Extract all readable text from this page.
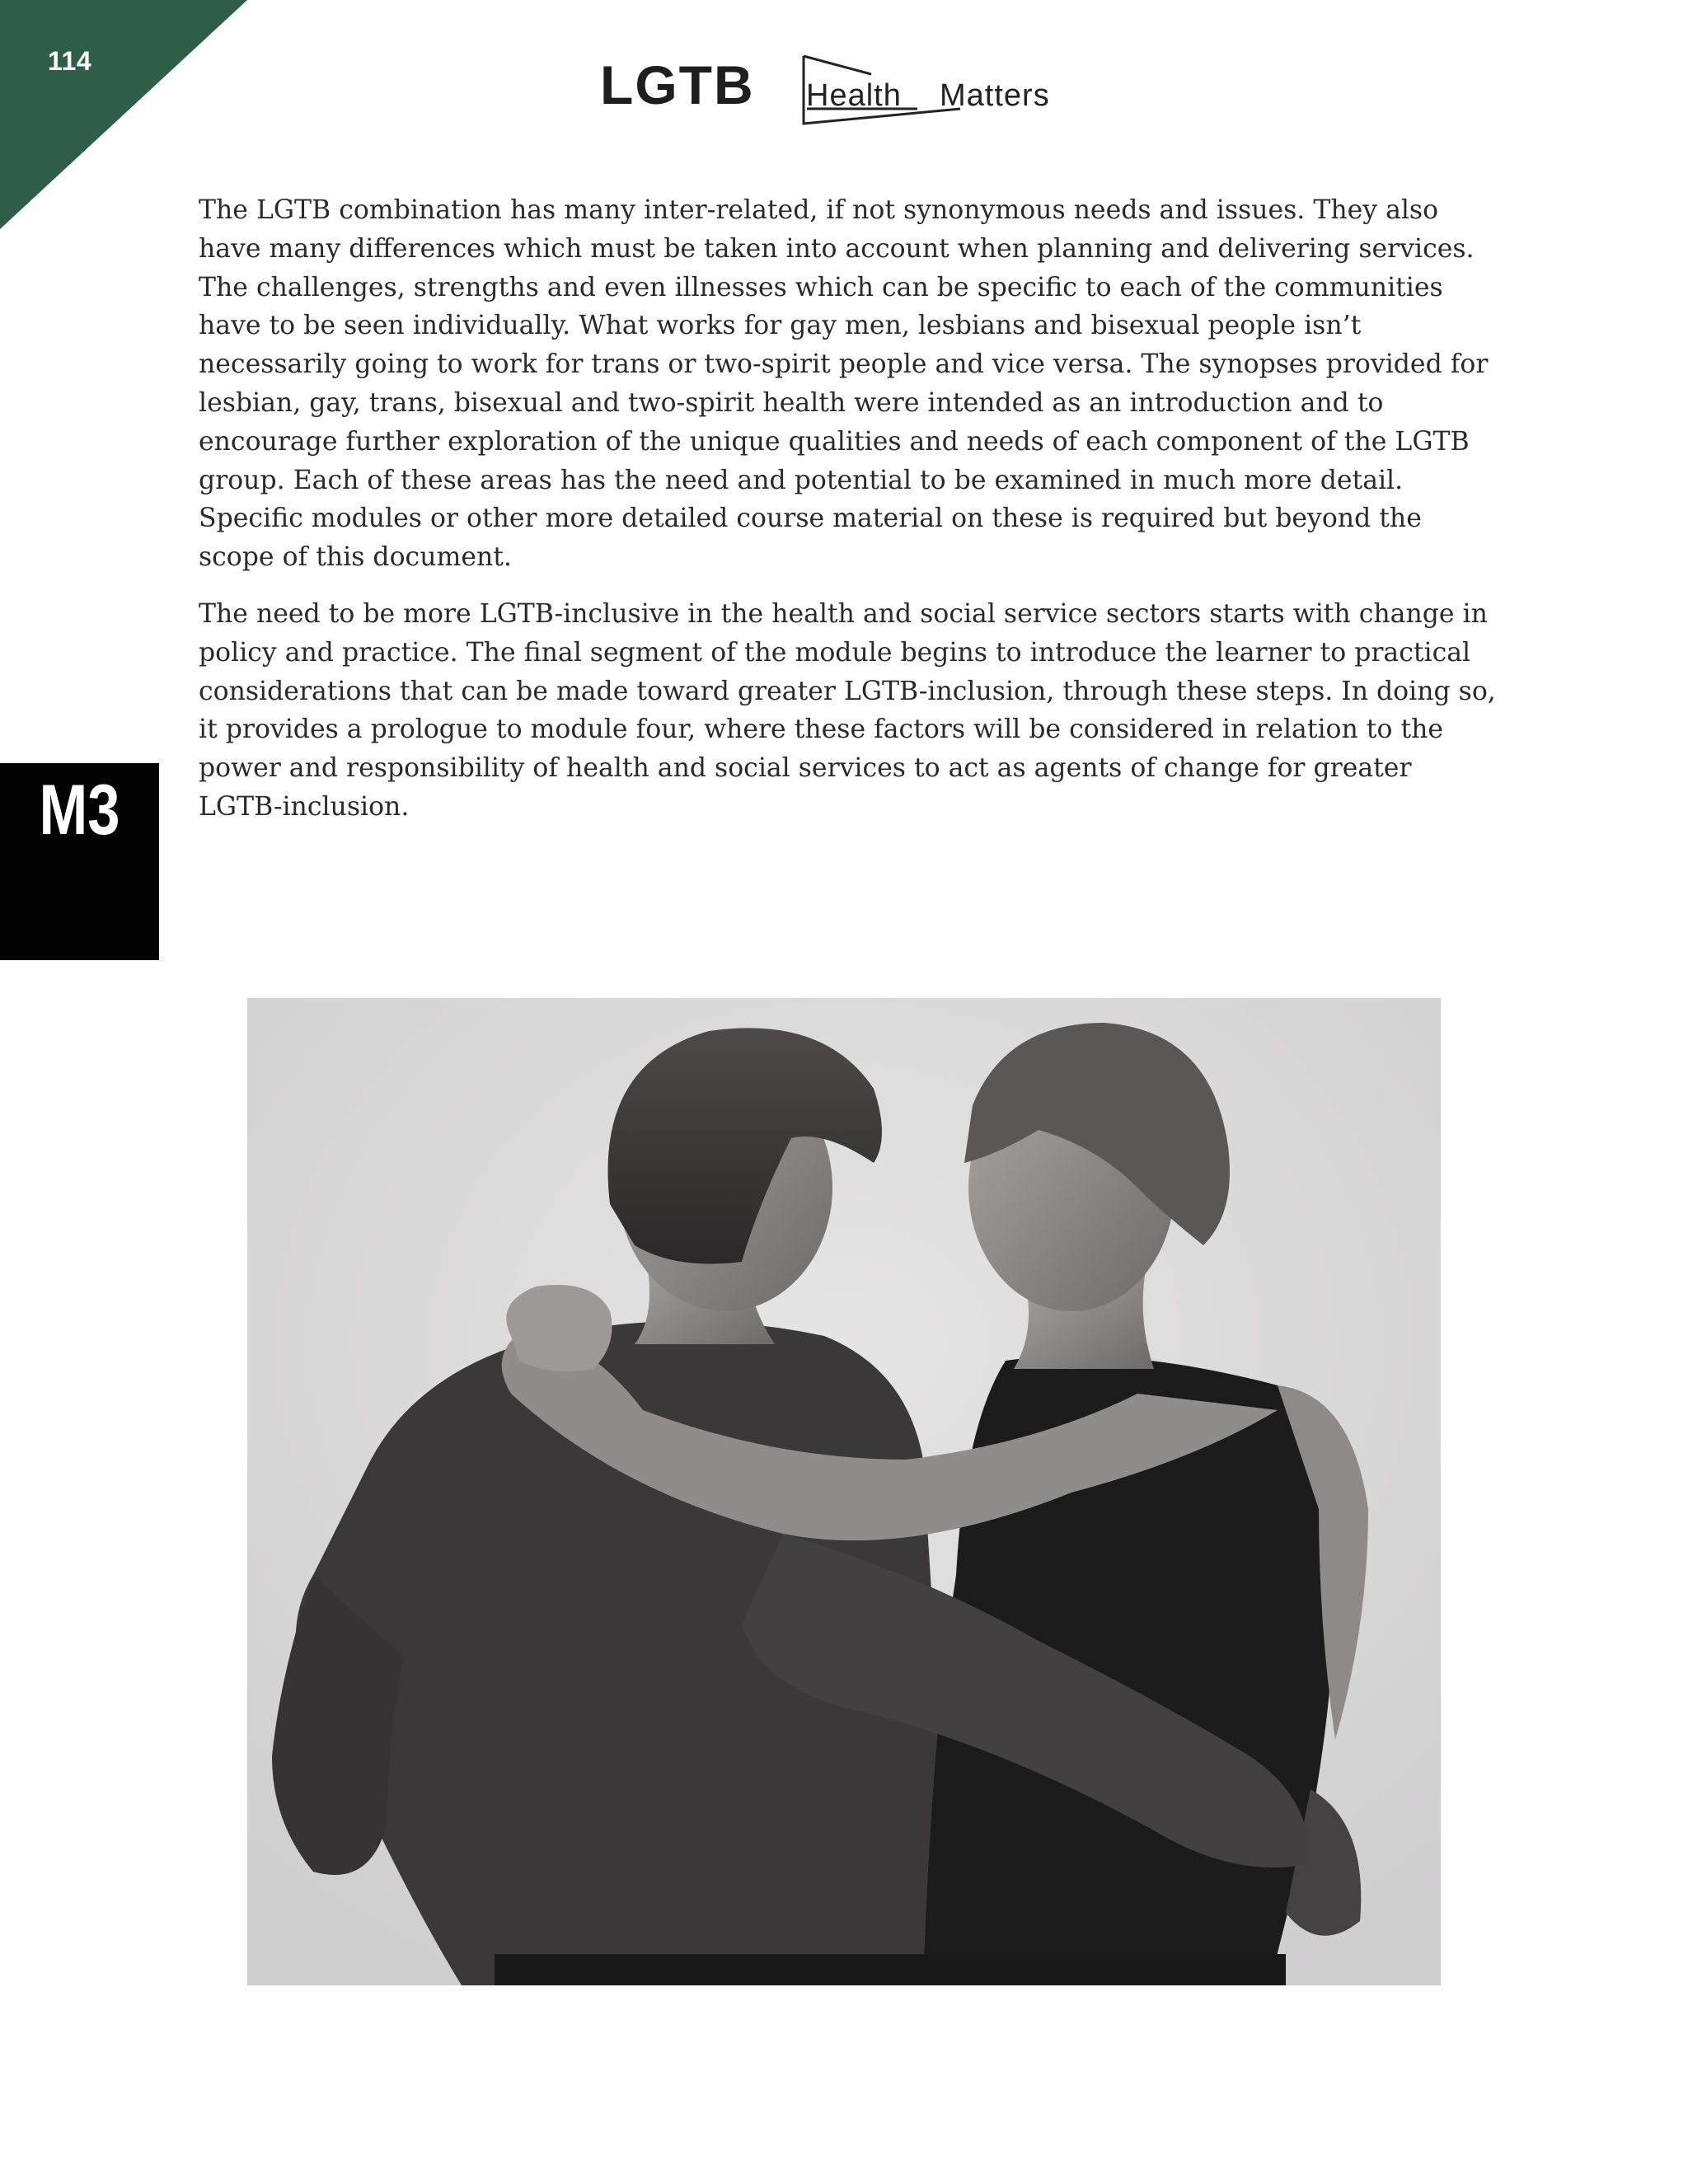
114	LGTB Health Matters

The LGTB combination has many inter-related, if not synonymous needs and issues. They also have many differences which must be taken into account when planning and delivering services. The challenges, strengths and even illnesses which can be specific to each of the communities have to be seen individually. What works for gay men, lesbians and bisexual people isn’t necessarily going to work for trans or two-spirit people and vice versa. The synopses provided for lesbian, gay, trans, bisexual and two-spirit health were intended as an introduction and to encourage further exploration of the unique qualities and needs of each component of the LGTB group. Each of these areas has the need and potential to be examined in much more detail. Specific modules or other more detailed course material on these is required but beyond the scope of this document.

The need to be more LGTB-inclusive in the health and social service sectors starts with change in policy and practice. The final segment of the module begins to introduce the learner to practical considerations that can be made toward greater LGTB-inclusion, through these steps. In doing so, it provides a prologue to module four, where these factors will be considered in relation to the power and responsibility of health and social services to act as agents of change for greater LGTB-inclusion.

M3
